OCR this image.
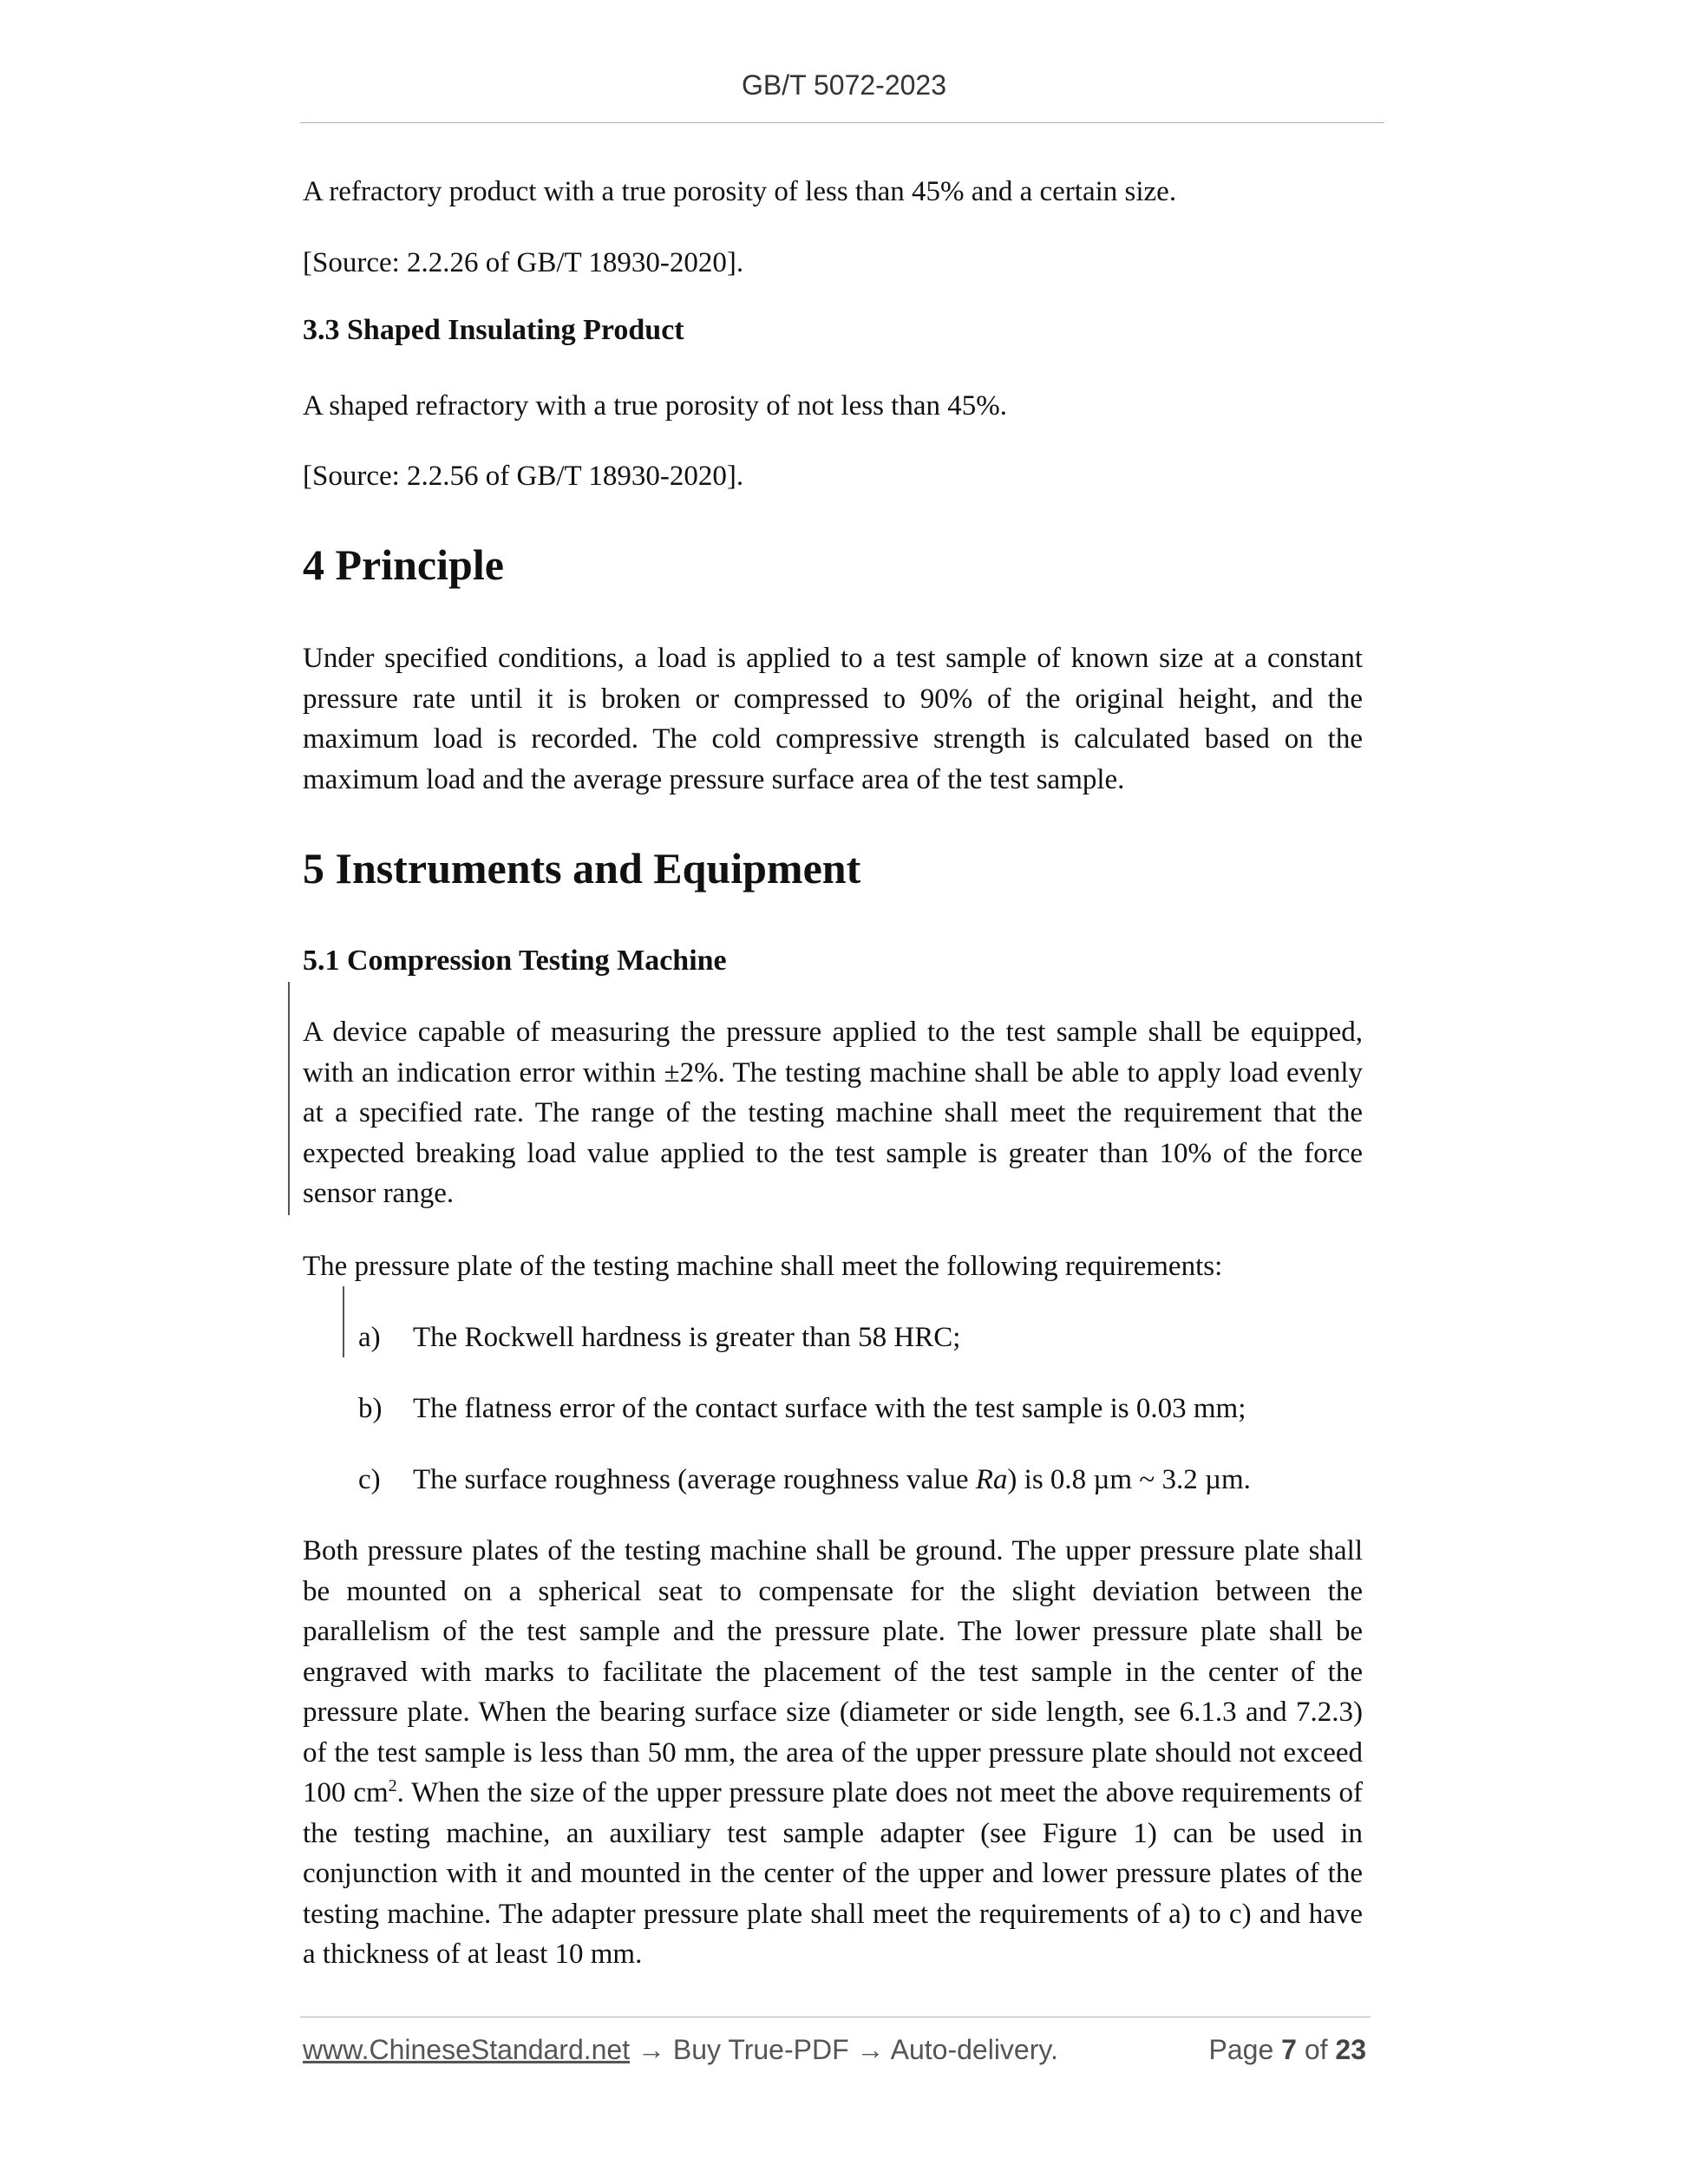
GB/T 5072-2023

A refractory product with a true porosity of less than 45% and a certain size.

[Source: 2.2.26 of GB/T 18930-2020].

3.3 Shaped Insulating Product

A shaped refractory with a true porosity of not less than 45%.

[Source: 2.2.56 of GB/T 18930-2020].

4 Principle

Under specified conditions, a load is applied to a test sample of known size at a constant pressure rate until it is broken or compressed to 90% of the original height, and the maximum load is recorded. The cold compressive strength is calculated based on the maximum load and the average pressure surface area of the test sample.

5 Instruments and Equipment
5.1 Compression Testing Machine

A device capable of measuring the pressure applied to the test sample shall be equipped, with an indication error within ±2%. The testing machine shall be able to apply load evenly at a specified rate. The range of the testing machine shall meet the requirement that the expected breaking load value applied to the test sample is greater than 10% of the force sensor range.

The pressure plate of the testing machine shall meet the following requirements:

a) The Rockwell hardness is greater than 58 HRC;
b) The flatness error of the contact surface with the test sample is 0.03 mm;
c) The surface roughness (average roughness value Ra) is 0.8 µm ~ 3.2 µm.

Both pressure plates of the testing machine shall be ground. The upper pressure plate shall be mounted on a spherical seat to compensate for the slight deviation between the parallelism of the test sample and the pressure plate. The lower pressure plate shall be engraved with marks to facilitate the placement of the test sample in the center of the pressure plate. When the bearing surface size (diameter or side length, see 6.1.3 and 7.2.3) of the test sample is less than 50 mm, the area of the upper pressure plate should not exceed 100 $cm^2$. When the size of the upper pressure plate does not meet the above requirements of the testing machine, an auxiliary test sample adapter (see Figure 1) can be used in conjunction with it and mounted in the center of the upper and lower pressure plates of the testing machine. The adapter pressure plate shall meet the requirements of a) to c) and have a thickness of at least 10 mm.

www.ChineseStandard.net → Buy True-PDF → Auto-delivery.	Page 7 of 23
